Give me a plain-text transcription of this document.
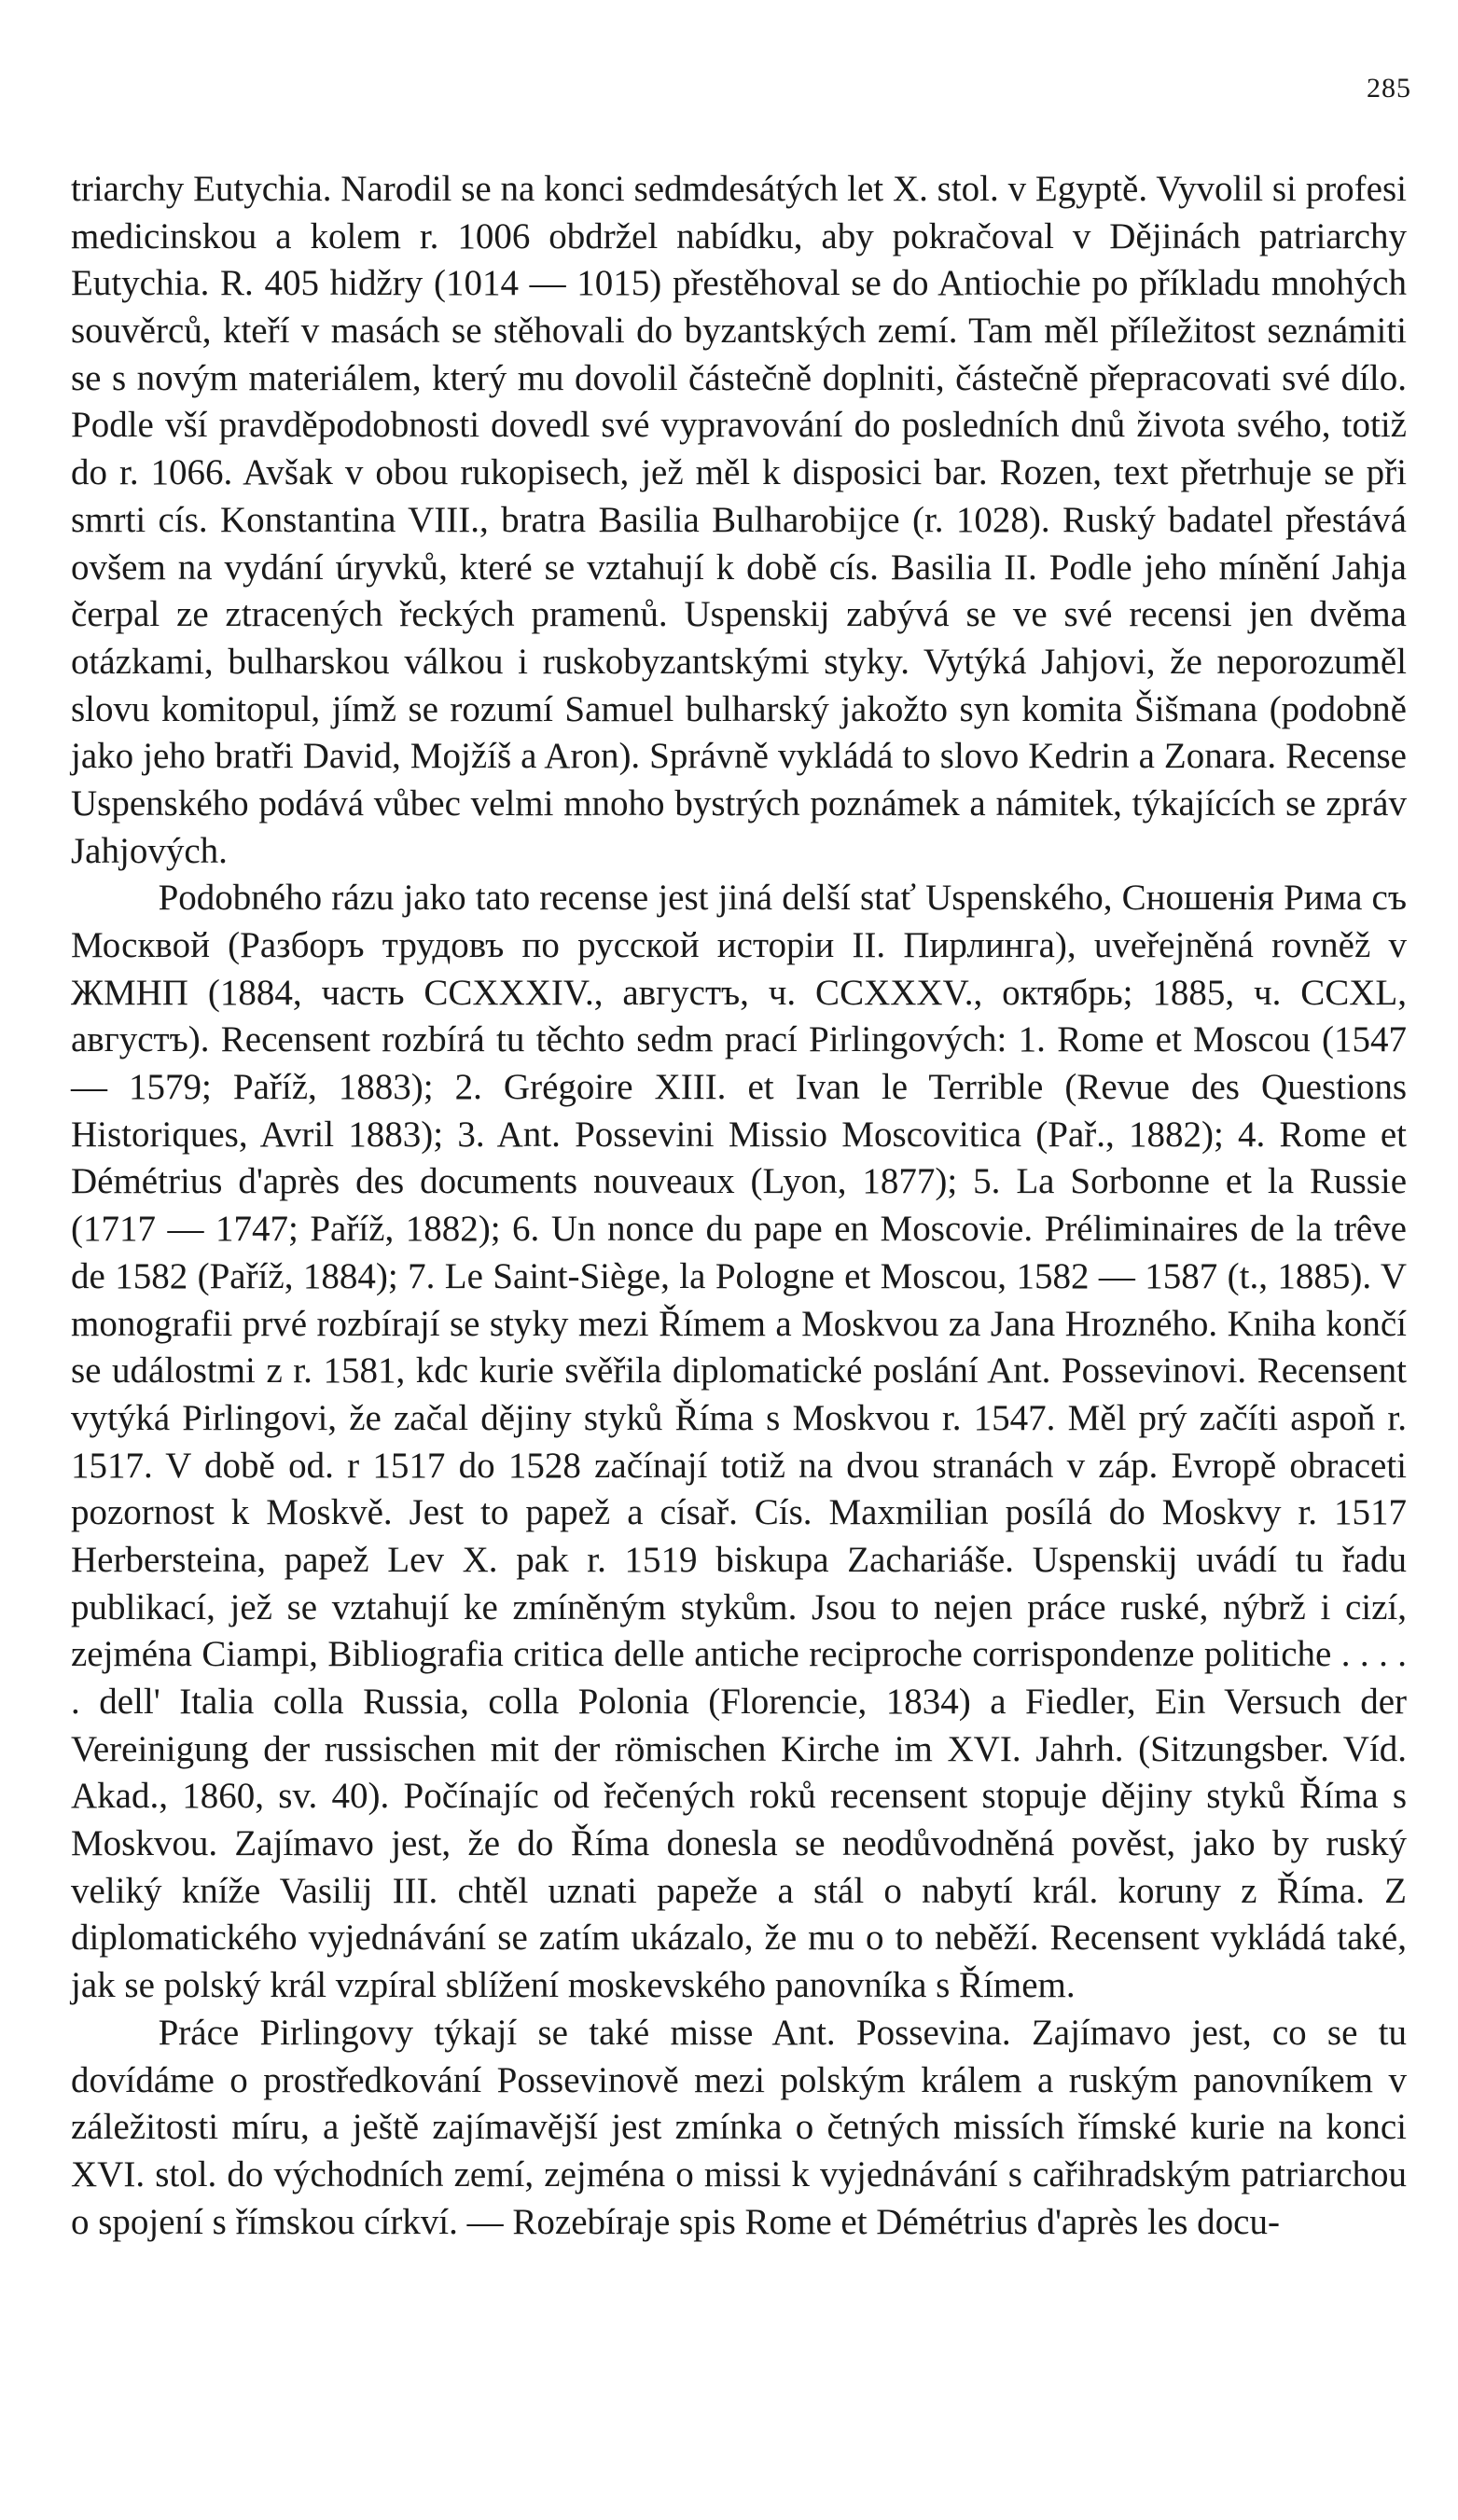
285

triarchy Eutychia. Narodil se na konci sedmdesátých let X. stol. v Egyptě. Vyvolil si profesi medicinskou a kolem r. 1006 obdržel nabídku, aby pokračoval v Dějinách patriarchy Eutychia. R. 405 hidžry (1014 — 1015) přestěhoval se do Antiochie po příkladu mnohých souvěrců, kteří v masách se stěhovali do byzantských zemí. Tam měl příležitost seznámiti se s novým materiálem, který mu dovolil částečně doplniti, částečně přepracovati své dílo. Podle vší pravděpodobnosti dovedl své vypravování do posledních dnů života svého, totiž do r. 1066. Avšak v obou rukopisech, jež měl k disposici bar. Rozen, text přetrhuje se při smrti cís. Konstantina VIII., bratra Basilia Bulharobijce (r. 1028). Ruský badatel přestává ovšem na vydání úryvků, které se vztahují k době cís. Basilia II. Podle jeho mínění Jahja čerpal ze ztracených řeckých pramenů. Uspenskij zabývá se ve své recensi jen dvěma otázkami, bulharskou válkou i ruskobyzantskými styky. Vytýká Jahjovi, že neporozuměl slovu komitopul, jímž se rozumí Samuel bulharský jakožto syn komita Šišmana (podobně jako jeho bratři David, Mojžíš a Aron). Správně vykládá to slovo Kedrin a Zonara. Recense Uspenského podává vůbec velmi mnoho bystrých poznámek a námitek, týkajících se zpráv Jahjových.

Podobného rázu jako tato recense jest jiná delší stať Uspenského, Сношенія Рима съ Москвой (Разборъ трудовъ по русской исторіи II. Пирлинга), uveřejněná rovněž v ЖМНП (1884, часть CCXXXIV., августъ, ч. CCXXXV., октябрь; 1885, ч. CCXL, августъ). Recensent rozbírá tu těchto sedm prací Pirlingových: 1. Rome et Moscou (1547 — 1579; Paříž, 1883); 2. Grégoire XIII. et Ivan le Terrible (Revue des Questions Historiques, Avril 1883); 3. Ant. Possevini Missio Moscovitica (Pař., 1882); 4. Rome et Démétrius d'après des documents nouveaux (Lyon, 1877); 5. La Sorbonne et la Russie (1717 — 1747; Paříž, 1882); 6. Un nonce du pape en Moscovie. Préliminaires de la trêve de 1582 (Paříž, 1884); 7. Le Saint-Siège, la Pologne et Moscou, 1582 — 1587 (t., 1885). V monografii prvé rozbírají se styky mezi Římem a Moskvou za Jana Hrozného. Kniha končí se událostmi z r. 1581, kdc kurie svěřila diplomatické poslání Ant. Possevinovi. Recensent vytýká Pirlingovi, že začal dějiny styků Říma s Moskvou r. 1547. Měl prý začíti aspoň r. 1517. V době od. r 1517 do 1528 začínají totiž na dvou stranách v záp. Evropě obraceti pozornost k Moskvě. Jest to papež a císař. Cís. Maxmilian posílá do Moskvy r. 1517 Herbersteina, papež Lev X. pak r. 1519 biskupa Zachariáše. Uspenskij uvádí tu řadu publikací, jež se vztahují ke zmíněným stykům. Jsou to nejen práce ruské, nýbrž i cizí, zejména Ciampi, Bibliografia critica delle antiche reciproche corrispondenze politiche . . . . . dell' Italia colla Russia, colla Polonia (Florencie, 1834) a Fiedler, Ein Versuch der Vereinigung der russischen mit der römischen Kirche im XVI. Jahrh. (Sitzungsber. Víd. Akad., 1860, sv. 40). Počínajíc od řečených roků recensent stopuje dějiny styků Říma s Moskvou. Zajímavo jest, že do Říma donesla se neodůvodněná pověst, jako by ruský veliký kníže Vasilij III. chtěl uznati papeže a stál o nabytí král. koruny z Říma. Z diplomatického vyjednávání se zatím ukázalo, že mu o to neběží. Recensent vykládá také, jak se polský král vzpíral sblížení moskevského panovníka s Římem.

Práce Pirlingovy týkají se také misse Ant. Possevina. Zajímavo jest, co se tu dovídáme o prostředkování Possevinově mezi polským králem a ruským panovníkem v záležitosti míru, a ještě zajímavější jest zmínka o četných missích římské kurie na konci XVI. stol. do východních zemí, zejména o missi k vyjednávání s cařihradským patriarchou o spojení s římskou církví. — Rozebíraje spis Rome et Démétrius d'après les docu-
